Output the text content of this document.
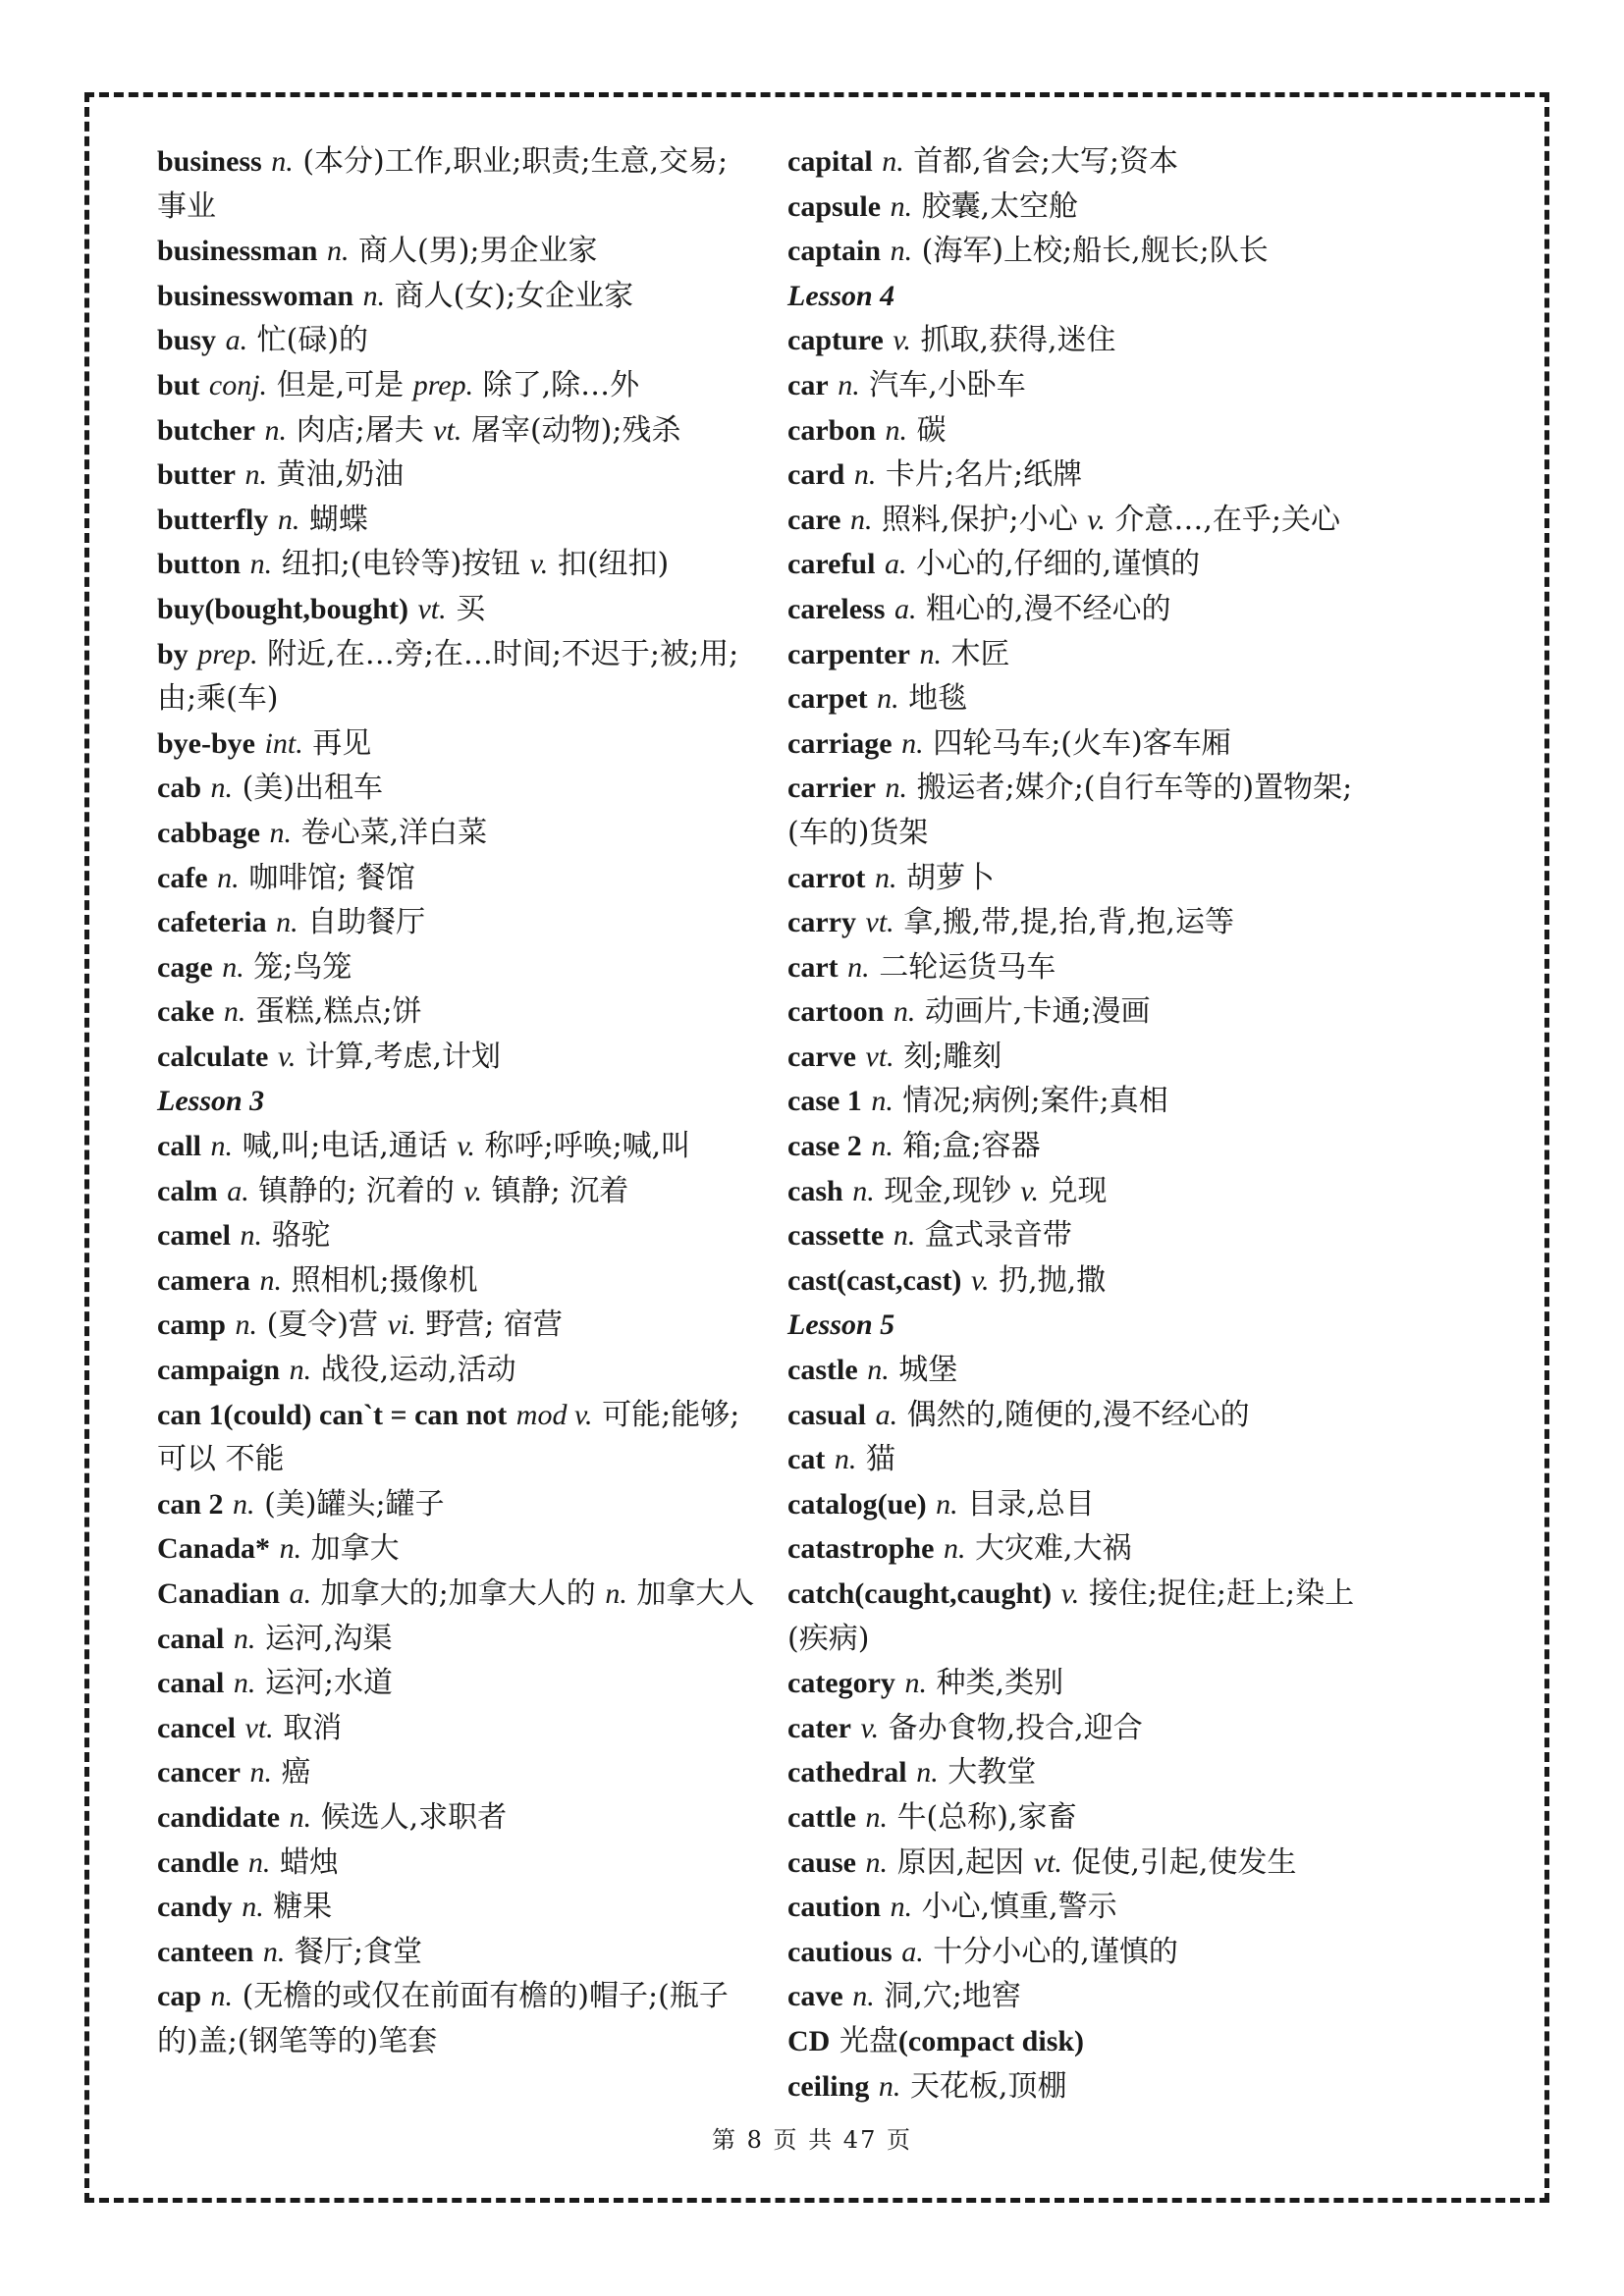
business n. (本分)工作,职业;职责;生意,交易;事业
businessman n. 商人(男);男企业家
businesswoman n. 商人(女);女企业家
busy a. 忙(碌)的
but conj. 但是,可是 prep. 除了,除…外
butcher n. 肉店;屠夫 vt. 屠宰(动物);残杀
butter n. 黄油,奶油
butterfly n. 蝴蝶
button n. 纽扣;(电铃等)按钮 v. 扣(纽扣)
buy(bought,bought) vt. 买
by prep. 附近,在…旁;在…时间;不迟于;被;用;由;乘(车)
bye-bye int. 再见
cab n. (美)出租车
cabbage n. 卷心菜,洋白菜
cafe n. 咖啡馆; 餐馆
cafeteria n. 自助餐厅
cage n. 笼;鸟笼
cake n. 蛋糕,糕点;饼
calculate v. 计算,考虑,计划
Lesson 3
call n. 喊,叫;电话,通话 v. 称呼;呼唤;喊,叫
calm a. 镇静的; 沉着的 v. 镇静; 沉着
camel n. 骆驼
camera n. 照相机;摄像机
camp n. (夏令)营 vi. 野营; 宿营
campaign n. 战役,运动,活动
can 1(could) can`t = can not mod v. 可能;能够;可以 不能
can 2 n. (美)罐头;罐子
Canada* n. 加拿大
Canadian a. 加拿大的;加拿大人的 n. 加拿大人
canal n. 运河,沟渠
canal n. 运河;水道
cancel vt. 取消
cancer n. 癌
candidate n. 候选人,求职者
candle n. 蜡烛
candy n. 糖果
canteen n. 餐厅;食堂
cap n. (无檐的或仅在前面有檐的)帽子;(瓶子的)盖;(钢笔等的)笔套
capital n. 首都,省会;大写;资本
capsule n. 胶囊,太空舱
captain n. (海军)上校;船长,舰长;队长
Lesson 4
capture v. 抓取,获得,迷住
car n. 汽车,小卧车
carbon n. 碳
card n. 卡片;名片;纸牌
care n. 照料,保护;小心 v. 介意…,在乎;关心
careful a. 小心的,仔细的,谨慎的
careless a. 粗心的,漫不经心的
carpenter n. 木匠
carpet n. 地毯
carriage n. 四轮马车;(火车)客车厢
carrier n. 搬运者;媒介;(自行车等的)置物架;(车的)货架
carrot n. 胡萝卜
carry vt. 拿,搬,带,提,抬,背,抱,运等
cart n. 二轮运货马车
cartoon n. 动画片,卡通;漫画
carve vt. 刻;雕刻
case 1 n. 情况;病例;案件;真相
case 2 n. 箱;盒;容器
cash n. 现金,现钞 v. 兑现
cassette n. 盒式录音带
cast(cast,cast) v. 扔,抛,撒
Lesson 5
castle n. 城堡
casual a. 偶然的,随便的,漫不经心的
cat n. 猫
catalog(ue) n. 目录,总目
catastrophe n. 大灾难,大祸
catch(caught,caught) v. 接住;捉住;赶上;染上(疾病)
category n. 种类,类别
cater v. 备办食物,投合,迎合
cathedral n. 大教堂
cattle n. 牛(总称),家畜
cause n. 原因,起因 vt. 促使,引起,使发生
caution n. 小心,慎重,警示
cautious a. 十分小心的,谨慎的
cave n. 洞,穴;地窖
CD 光盘(compact disk)
ceiling n. 天花板,顶棚
第 8 页 共 47 页
